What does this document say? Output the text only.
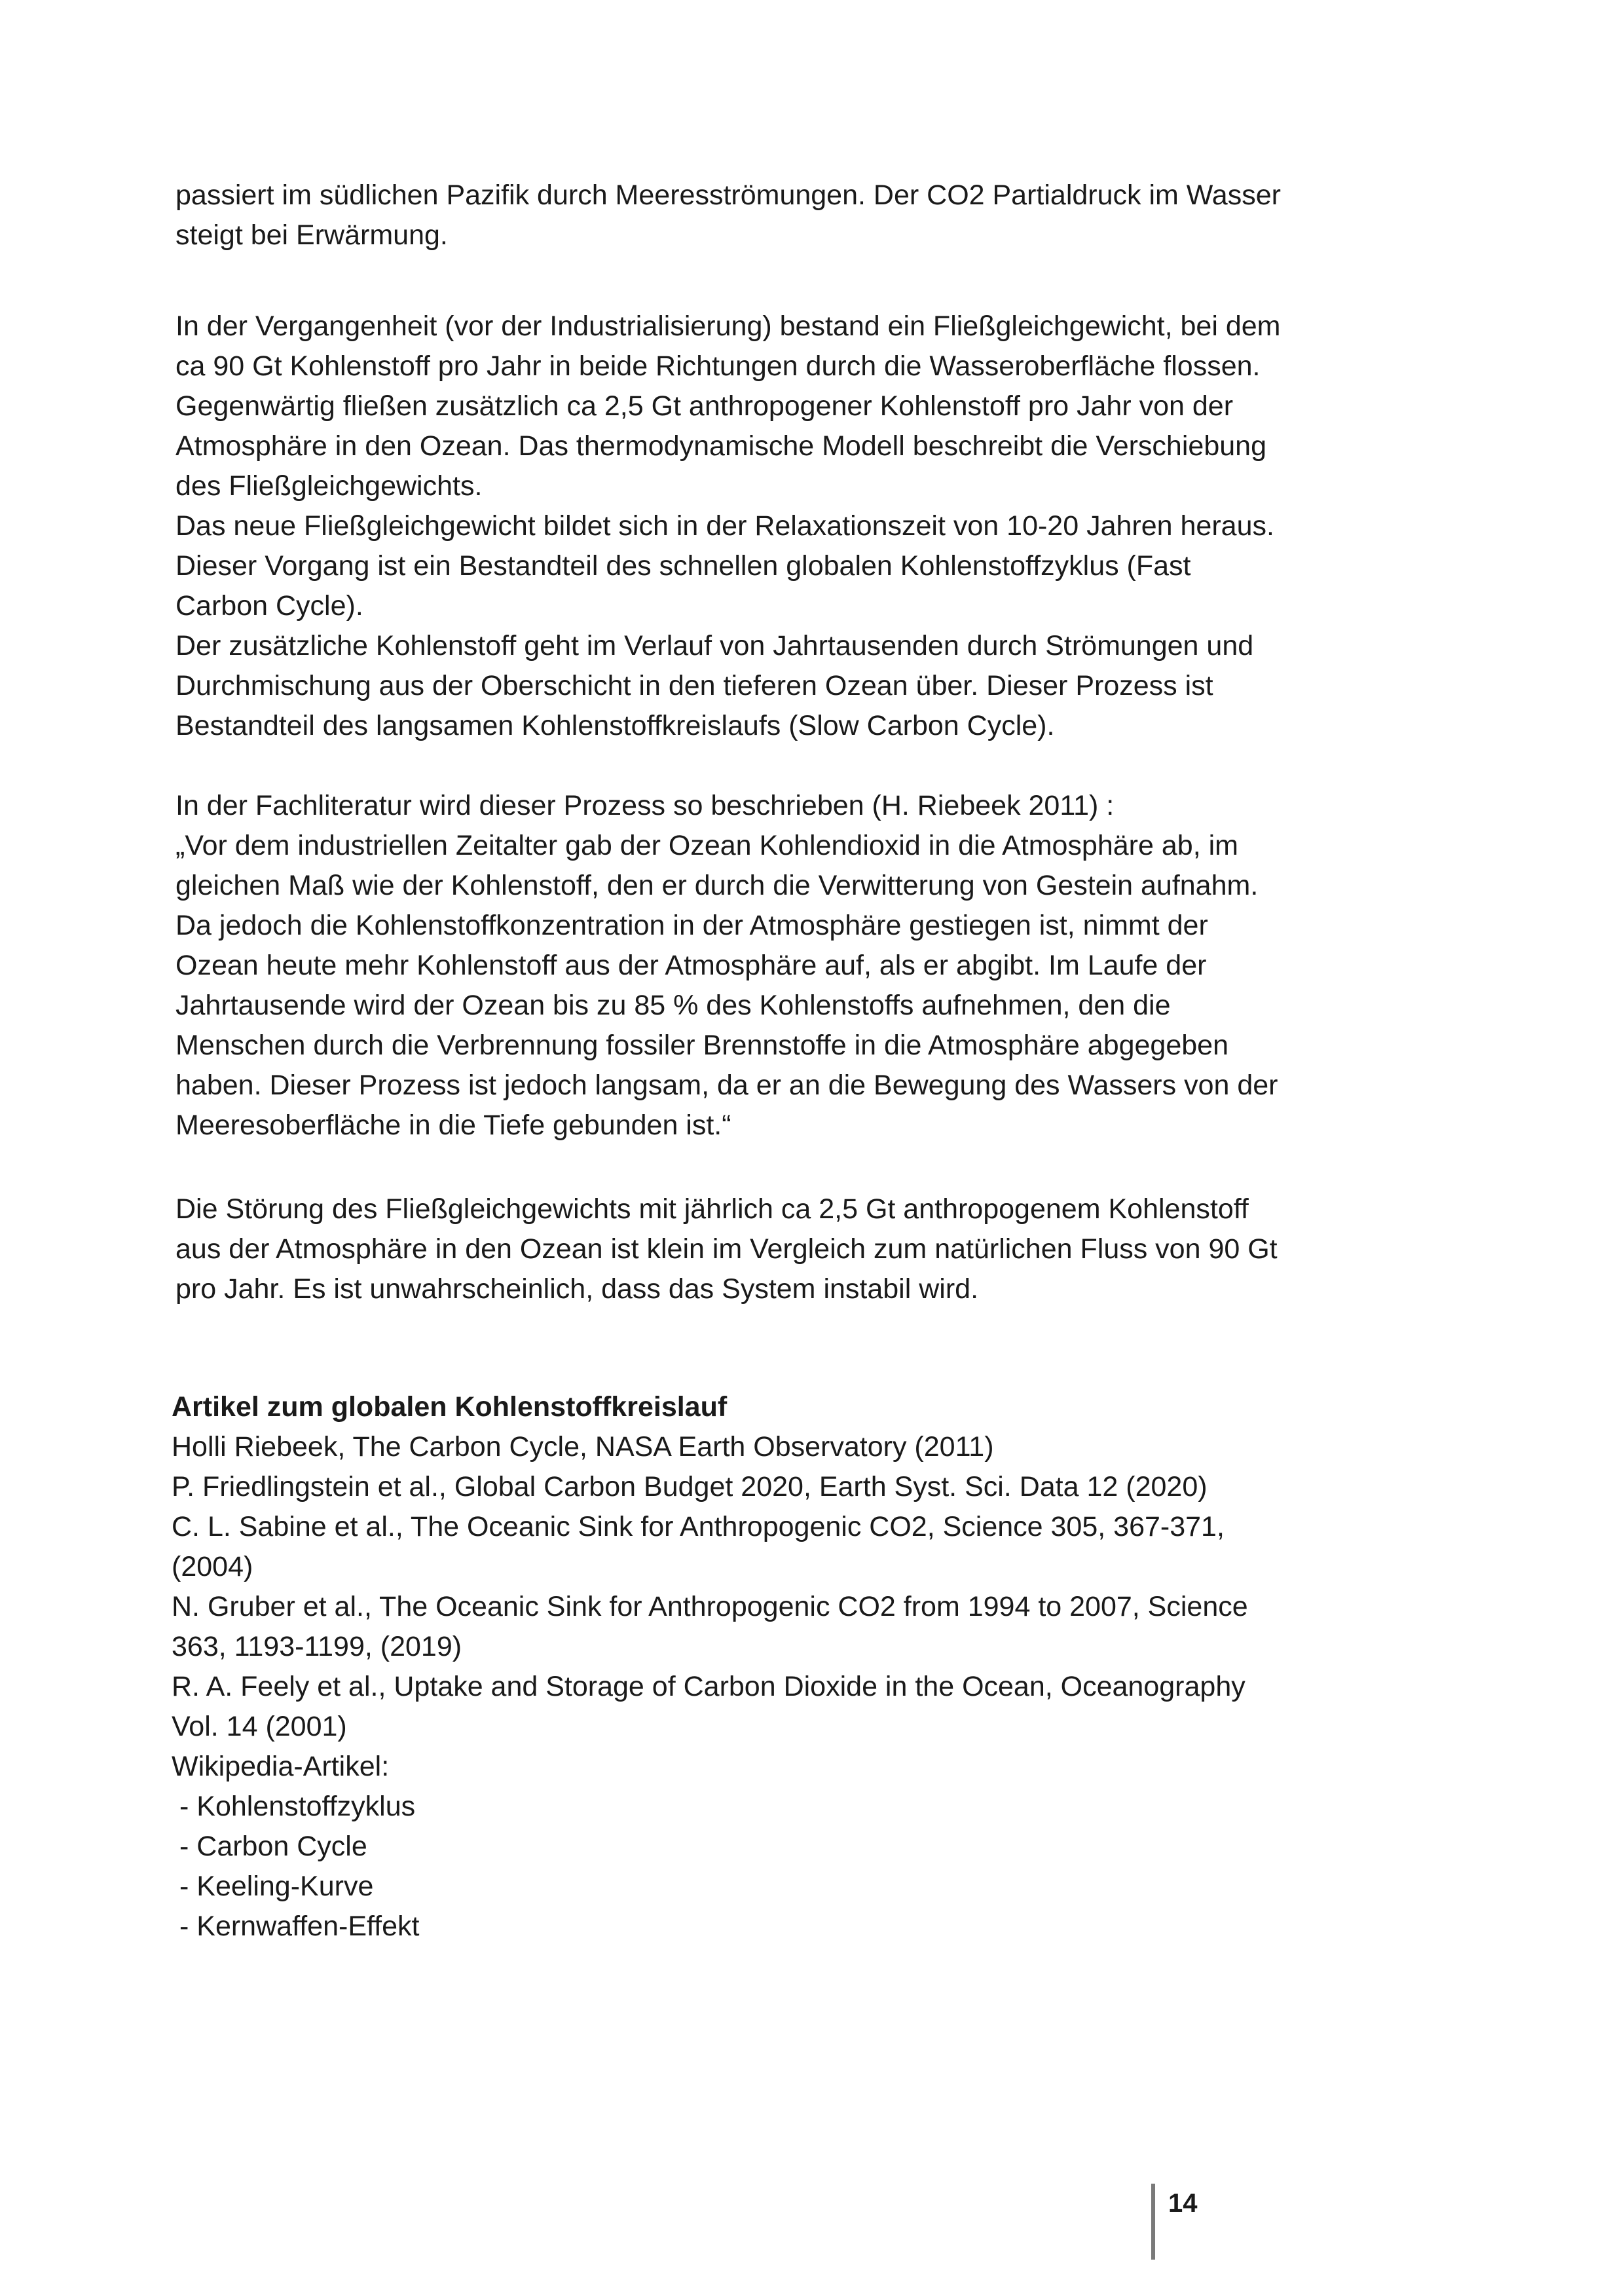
passiert im südlichen Pazifik durch Meeresströmungen. Der CO2 Partialdruck im Wasser
steigt bei Erwärmung.
In der Vergangenheit (vor der Industrialisierung) bestand ein Fließgleichgewicht, bei dem
ca 90 Gt Kohlenstoff pro Jahr in beide Richtungen durch die Wasseroberfläche flossen.
Gegenwärtig fließen zusätzlich ca 2,5 Gt anthropogener Kohlenstoff pro Jahr von der
Atmosphäre in den Ozean. Das thermodynamische Modell beschreibt die Verschiebung
des Fließgleichgewichts.
Das neue Fließgleichgewicht bildet sich in der Relaxationszeit von 10-20 Jahren heraus.
Dieser Vorgang ist ein Bestandteil des schnellen globalen Kohlenstoffzyklus (Fast
Carbon Cycle).
Der zusätzliche Kohlenstoff geht im Verlauf von Jahrtausenden durch Strömungen und
Durchmischung aus der Oberschicht in den tieferen Ozean über. Dieser Prozess ist
Bestandteil des langsamen Kohlenstoffkreislaufs (Slow Carbon Cycle).
In der Fachliteratur wird dieser Prozess so beschrieben (H. Riebeek 2011) :
„Vor dem industriellen Zeitalter gab der Ozean Kohlendioxid in die Atmosphäre ab, im
gleichen Maß wie der Kohlenstoff, den er durch die Verwitterung von Gestein aufnahm.
Da jedoch die Kohlenstoffkonzentration in der Atmosphäre gestiegen ist, nimmt der
Ozean heute mehr Kohlenstoff aus der Atmosphäre auf, als er abgibt. Im Laufe der
Jahrtausende wird der Ozean bis zu 85 % des Kohlenstoffs aufnehmen, den die
Menschen durch die Verbrennung fossiler Brennstoffe in die Atmosphäre abgegeben
haben. Dieser Prozess ist jedoch langsam, da er an die Bewegung des Wassers von der
Meeresoberfläche in die Tiefe gebunden ist.“
Die Störung des Fließgleichgewichts mit jährlich ca 2,5 Gt anthropogenem Kohlenstoff
aus der Atmosphäre in den Ozean ist klein im Vergleich zum natürlichen Fluss von 90 Gt
pro Jahr. Es ist unwahrscheinlich, dass das System instabil wird.
Artikel zum globalen Kohlenstoffkreislauf
Holli Riebeek, The Carbon Cycle, NASA Earth Observatory (2011)
P. Friedlingstein et al., Global Carbon Budget 2020, Earth Syst. Sci. Data 12 (2020)
C. L. Sabine et al., The Oceanic Sink for Anthropogenic CO2, Science 305, 367-371,
(2004)
N. Gruber et al., The Oceanic Sink for Anthropogenic CO2 from 1994 to 2007, Science
363, 1193-1199, (2019)
R. A. Feely et al., Uptake and Storage of Carbon Dioxide in the Ocean, Oceanography
Vol. 14 (2001)
Wikipedia-Artikel:
- Kohlenstoffzyklus
- Carbon Cycle
- Keeling-Kurve
- Kernwaffen-Effekt
14
